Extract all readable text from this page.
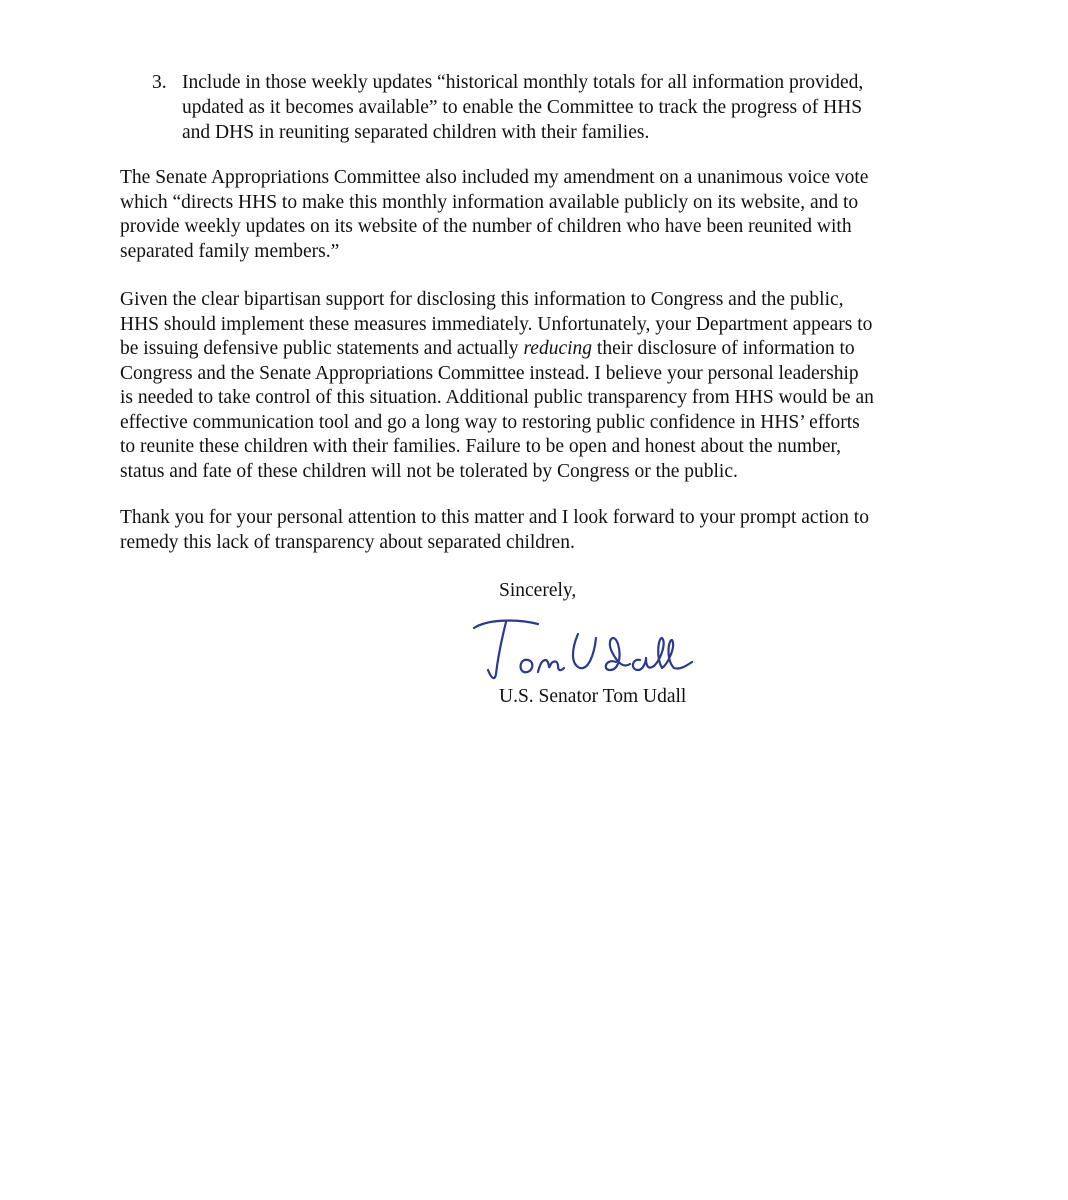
3. Include in those weekly updates “historical monthly totals for all information provided,
updated as it becomes available” to enable the Committee to track the progress of HHS
and DHS in reuniting separated children with their families.
The Senate Appropriations Committee also included my amendment on a unanimous voice vote
which “directs HHS to make this monthly information available publicly on its website, and to
provide weekly updates on its website of the number of children who have been reunited with
separated family members.”
Given the clear bipartisan support for disclosing this information to Congress and the public,
HHS should implement these measures immediately. Unfortunately, your Department appears to
be issuing defensive public statements and actually reducing their disclosure of information to
Congress and the Senate Appropriations Committee instead. I believe your personal leadership
is needed to take control of this situation. Additional public transparency from HHS would be an
effective communication tool and go a long way to restoring public confidence in HHS’ efforts
to reunite these children with their families. Failure to be open and honest about the number,
status and fate of these children will not be tolerated by Congress or the public.
Thank you for your personal attention to this matter and I look forward to your prompt action to
remedy this lack of transparency about separated children.
Sincerely,
U.S. Senator Tom Udall
